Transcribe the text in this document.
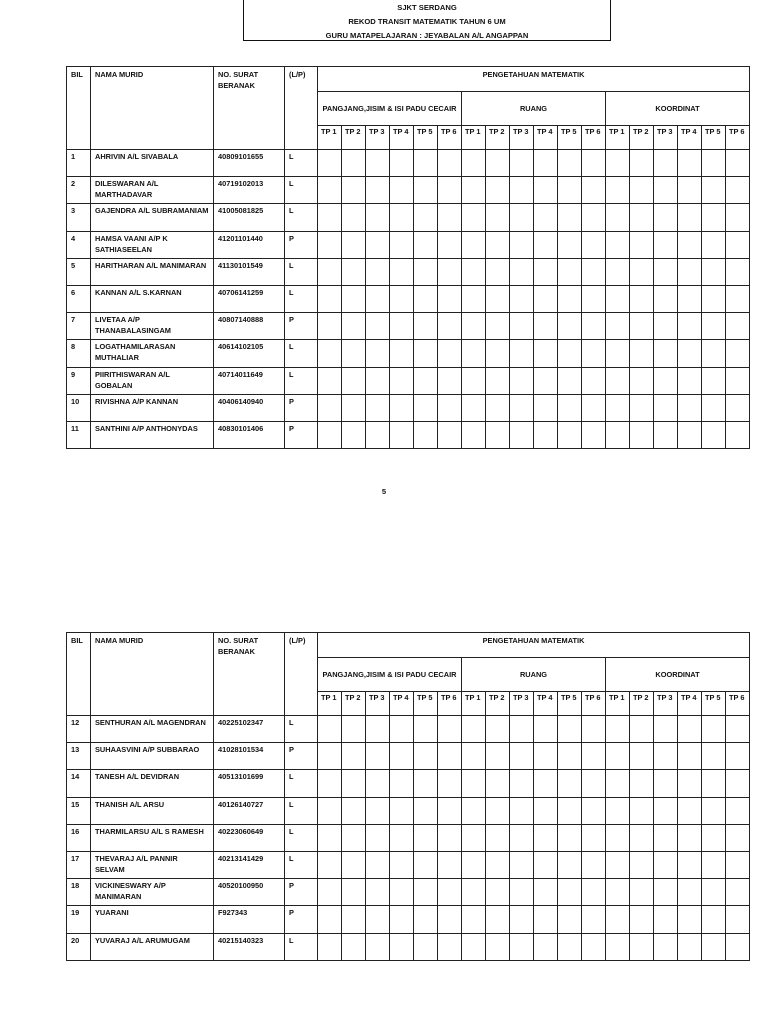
SJKT SERDANG
REKOD TRANSIT MATEMATIK TAHUN 6 UM
GURU MATAPELAJARAN : JEYABALAN A/L ANGAPPAN
BIL	NAMA MURID	NO. SURAT BERANAK	(L/P)	PENGETAHUAN MATEMATIK																	
				PANGJANG,JISIM & ISI PADU CECAIR						RUANG						KOORDINAT					
				TP 1	TP 2	TP 3	TP 4	TP 5	TP 6	TP 1	TP 2	TP 3	TP 4	TP 5	TP 6	TP 1	TP 2	TP 3	TP 4	TP 5	TP 6
1	AHRIVIN A/L SIVABALA	40809101655	L																		
2	DILESWARAN A/L MARTHADAVAR	40719102013	L																		
3	GAJENDRA A/L SUBRAMANIAM	41005081825	L																		
4	HAMSA VAANI A/P K SATHIASEELAN	41201101440	P																		
5	HARITHARAN A/L MANIMARAN	41130101549	L																		
6	KANNAN A/L S.KARNAN	40706141259	L																		
7	LIVETAA A/P THANABALASINGAM	40807140888	P																		
8	LOGATHAMILARASAN MUTHALIAR	40614102105	L																		
9	PIIRITHISWARAN A/L GOBALAN	40714011649	L																		
10	RIVISHNA A/P KANNAN	40406140940	P																		
11	SANTHINI A/P ANTHONYDAS	40830101406	P																		
5
BIL	NAMA MURID	NO. SURAT BERANAK	(L/P)	PENGETAHUAN MATEMATIK																	
				PANGJANG,JISIM & ISI PADU CECAIR						RUANG						KOORDINAT					
				TP 1	TP 2	TP 3	TP 4	TP 5	TP 6	TP 1	TP 2	TP 3	TP 4	TP 5	TP 6	TP 1	TP 2	TP 3	TP 4	TP 5	TP 6
12	SENTHURAN A/L MAGENDRAN	40225102347	L																		
13	SUHAASVINI A/P SUBBARAO	41028101534	P																		
14	TANESH A/L DEVIDRAN	40513101699	L																		
15	THANISH A/L ARSU	40126140727	L																		
16	THARMILARSU A/L S RAMESH	40223060649	L																		
17	THEVARAJ A/L PANNIR SELVAM	40213141429	L																		
18	VICKINESWARY A/P MANIMARAN	40520100950	P																		
19	YUARANI	F927343	P																		
20	YUVARAJ A/L ARUMUGAM	40215140323	L																		
